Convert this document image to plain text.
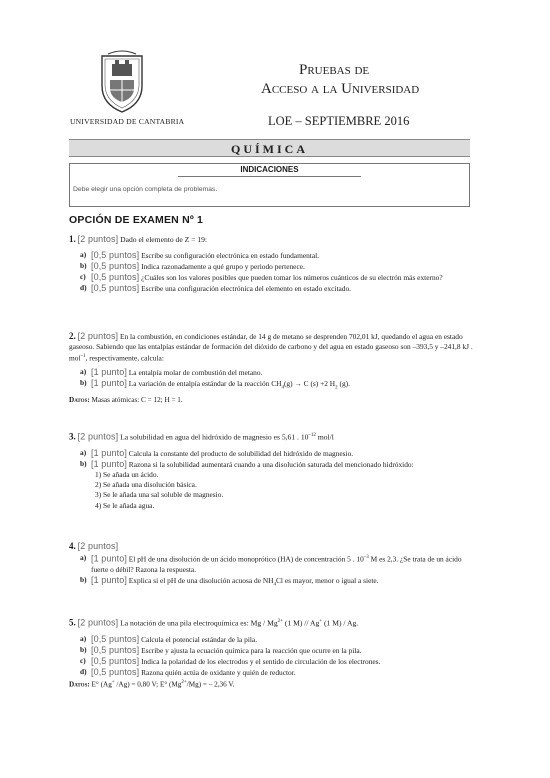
UNIVERSIDAD DE CANTABRIA
Pruebas de
Acceso a la Universidad
LOE – SEPTIEMBRE 2016
QUÍMICA
INDICACIONES
Debe elegir una opción completa de problemas.
OPCIÓN DE EXAMEN Nº 1
1. [2 puntos] Dado el elemento de Z = 19:
a) [0,5 puntos] Escribe su configuración electrónica en estado fundamental.
b) [0,5 puntos] Indica razonadamente a qué grupo y periodo pertenece.
c) [0,5 puntos] ¿Cuáles son los valores posibles que pueden tomar los números cuánticos de su electrón más externo?
d) [0,5 puntos] Escribe una configuración electrónica del elemento en estado excitado.
2. [2 puntos] En la combustión, en condiciones estándar, de 14 g de metano se desprenden 702,01 kJ, quedando el agua en estado gaseoso. Sabiendo que las entalpías estándar de formación del dióxido de carbono y del agua en estado gaseoso son –393,5 y –241,8 kJ . mol$^{-1}$, respectivamente, calcula:
a) [1 punto] La entalpía molar de combustión del metano.
b) [1 punto] La variación de entalpía estándar de la reacción $CH_4(g) \to C$ (s) +2 $H_2$ (g).
Datos: Masas atómicas: C = 12; H = 1.
3. [2 puntos] La solubilidad en agua del hidróxido de magnesio es 5,61 . $10^{-12}$ mol/l
a) [1 punto] Calcula la constante del producto de solubilidad del hidróxido de magnesio.
b) [1 punto] Razona si la solubilidad aumentará cuando a una disolución saturada del mencionado hidróxido:
1) Se añada un ácido.
2) Se añada una disolución básica.
3) Se le añada una sal soluble de magnesio.
4) Se le añada agua.
4. [2 puntos]
a) [1 punto] El pH de una disolución de un ácido monoprótico (HA) de concentración 5 . $10^{-3}$ M es 2,3. ¿Se trata de un ácido fuerte o débil? Razona la respuesta.
b) [1 punto] Explica si el pH de una disolución acuosa de $NH_4Cl$ es mayor, menor o igual a siete.
5. [2 puntos] La notación de una pila electroquímica es: Mg / $Mg^{2+}$ (1 M) // Ag+ (1 M) / Ag.
a) [0,5 puntos] Calcula el potencial estándar de la pila.
b) [0,5 puntos] Escribe y ajusta la ecuación química para la reacción que ocurre en la pila.
c) [0,5 puntos] Indica la polaridad de los electrodos y el sentido de circulación de los electrones.
d) [0,5 puntos] Razona quién actúa de oxidante y quién de reductor.
Datos: E° (Ag+ /Ag) = 0,80 V; E° $(Mg^{2+}/Mg)$ = – 2,36 V.
